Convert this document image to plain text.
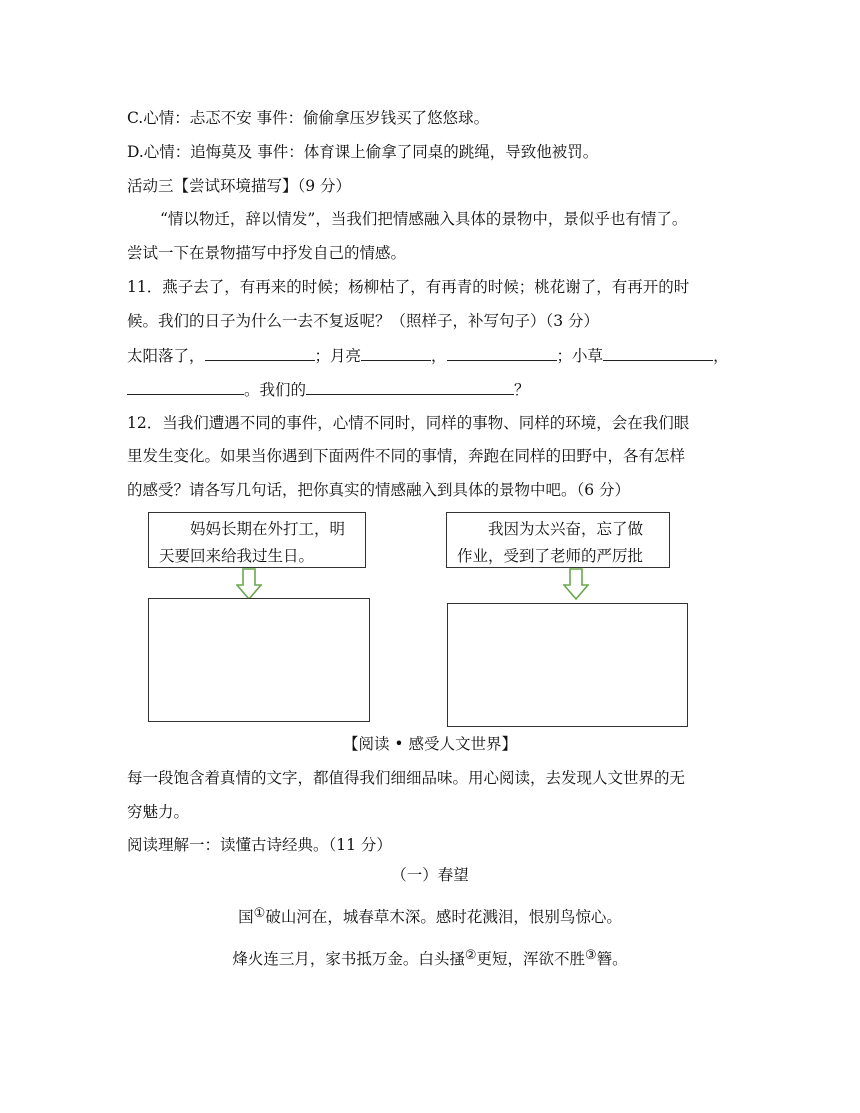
C.心情：忐忑不安 事件：偷偷拿压岁钱买了悠悠球。
D.心情：追悔莫及 事件：体育课上偷拿了同桌的跳绳，导致他被罚。
活动三【尝试环境描写】（9 分）
“情以物迁，辞以情发”，当我们把情感融入具体的景物中，景似乎也有情了。
尝试一下在景物描写中抒发自己的情感。
11．燕子去了，有再来的时候；杨柳枯了，有再青的时候；桃花谢了，有再开的时
候。我们的日子为什么一去不复返呢？（照样子，补写句子）（3 分）
太阳落了，	；月亮	，	；小草	，
。我们的	？
12．当我们遭遇不同的事件，心情不同时，同样的事物、同样的环境，会在我们眼
里发生变化。如果当你遇到下面两件不同的事情，奔跑在同样的田野中，各有怎样
的感受？请各写几句话，把你真实的情感融入到具体的景物中吧。（6 分）
妈妈长期在外打工，明
天要回来给我过生日。
我因为太兴奋，忘了做
作业，受到了老师的严厉批
【阅读 • 感受人文世界】
每一段饱含着真情的文字，都值得我们细细品味。用心阅读，去发现人文世界的无
穷魅力。
阅读理解一：读懂古诗经典。（11 分）
（一）春望
国①破山河在，城春草木深。感时花溅泪，恨别鸟惊心。
烽火连三月，家书抵万金。白头搔②更短，浑欲不胜③簪。
